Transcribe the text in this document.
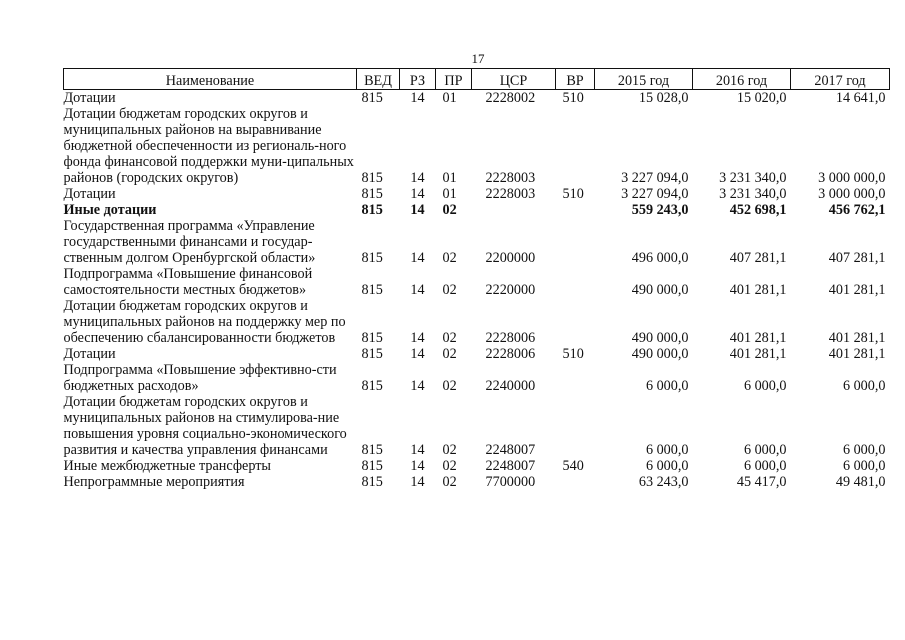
17
Наименование	ВЕД	РЗ	ПР	ЦСР	ВР	2015 год	2016 год	2017 год
Дотации	815	14	01	2228002	510	15 028,0	15 020,0	14 641,0
Дотации бюджетам городских округов и муниципальных районов на выравнивание бюджетной обеспеченности из региональ-ного фонда финансовой поддержки муни-ципальных районов (городских округов)	815	14	01	2228003		3 227 094,0	3 231 340,0	3 000 000,0
Дотации	815	14	01	2228003	510	3 227 094,0	3 231 340,0	3 000 000,0
Иные дотации	815	14	02			559 243,0	452 698,1	456 762,1
Государственная программа «Управление государственными финансами и государ-ственным долгом Оренбургской области»	815	14	02	2200000		496 000,0	407 281,1	407 281,1
Подпрограмма «Повышение финансовой самостоятельности местных бюджетов»	815	14	02	2220000		490 000,0	401 281,1	401 281,1
Дотации бюджетам городских округов и муниципальных районов на поддержку мер по обеспечению сбалансированности бюджетов	815	14	02	2228006		490 000,0	401 281,1	401 281,1
Дотации	815	14	02	2228006	510	490 000,0	401 281,1	401 281,1
Подпрограмма «Повышение эффективно-сти бюджетных расходов»	815	14	02	2240000		6 000,0	6 000,0	6 000,0
Дотации бюджетам городских округов и муниципальных районов на стимулирова-ние повышения уровня социально-экономического развития и качества управления финансами	815	14	02	2248007		6 000,0	6 000,0	6 000,0
Иные межбюджетные трансферты	815	14	02	2248007	540	6 000,0	6 000,0	6 000,0
Непрограммные мероприятия	815	14	02	7700000		63 243,0	45 417,0	49 481,0
